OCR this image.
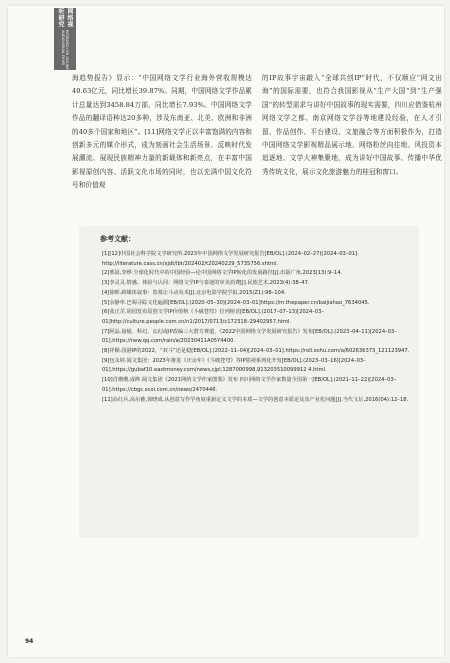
网络视听研究
RESEARCH ON ONLINE AUDIOVISUAL FILMS
海趋势报告》显示：“中国网络文学行业海外营收规模达40.63亿元，同比增长39.87%。同期，中国网络文学作品累计总量达到3458.84万部，同比增长7.93%。中国网络文学作品的翻译语种达20多种，涉及东南亚、北美、欧洲和非洲的40多个国家和地区”。[11]网络文学正以丰富饱满的内容和创新多元的媒介形式，成为刻画社会生活场景、反映时代发展潮流、展现民族精神力量的新载体和新亮点，在丰富中国影视原创内容、活跃文化市场的同时，也以充满中国文化符号和价值观
的IP故事宇宙敲入“全球共创IP”时代，不仅顺应“网文出海”的国际需要，也符合我国影视从“生产大国”到“生产强国”的转型需求与讲好中国故事的现实需要，四川应借鉴杭州网络文学之都、南京网络文学谷等地建设经验，在人才引留、作品创作、平台建设、文旅融合等方面积极作为，打造中国网络文学影视精品展示地、网络粉丝向往地、风投资本追逐地、文学大神集聚地，成为讲好中国故事、传播中华优秀传统文化，展示文化旅游魅力的桂冠和窗口。
参考文献：

[1][12]中国社会科学院文学研究所.2023年中国网络文学发展研究报告[EB/OL].(2024–02–27)[2024–03–01]. http://literature.cass.cn/xjdt/lbt/202402/t20240229_5735756.shtml.

[2]邢晨,李烨.全球化时代中的中国经验—论中国网络文学IP转化的发展路径[J].出版广角,2023(13):9–14.

[3]李灵灵.情感、体验与认同：网络文学IP与泰迪的审美消费[J].民族艺术,2023(4):38–47.

[4]徐晖.跨媒体叙事：盗墓让斗动央术[J].北京电影学院学报,2015(Z1):98–104.

[5]余静率.巴蜀寻踪文化遍源[EB/OL].(2020–05–30)[2024–03–01]https://m.thepaper.cn/baijiahao_7634045.

[6]张正芷.胡园发布原创文学IP价值榜《斗破苍穹》位列榜首[EB/OL].(2017–07–13)[2024–03–01]http://culture.people.com.cn/n1/2017/0713/c172318–29402957.html.

[7]阿晶.悬疑、科幻、玄幻或IP改编三大潜力赛道，《2022中国网络文学发展研究报告》发布[EB/OL].(2023–04–11)[2024–03–01].https://new.qq.com/rain/a/20230411A05Y4400.

[8]祥顺.园港IP的2022，“双斗”还是稳[EB/OL].(2022–11–04)[2024–03–01].https://roll.sohu.com/a/602636373_121123947.

[9]包永婷.阅文集团：2023年推进《庆余年》《斗破苍穹》等IP影视系列化开发[EB/OL].(2023–03–16)[2024–03–01].https://gubaf10.eastmoney.com/news,cjpl,1287000998,913203510099912 4.html.

[10]肖珊珊,成晔.阅文集团《2021网络文学作家图鉴》发布 四川网络文学作家数量全国第一[EB/OL].(2021–11–22)[2024–03–01].https://cbgc.scol.com.cn/news/2470446.

[11]高红兵,高尔雅,徐晓成.从创意写作学角度重新定义文学的本质—文学的创意本质论及其产业化问题[J].当代文坛,2016(04):12–18.

94
